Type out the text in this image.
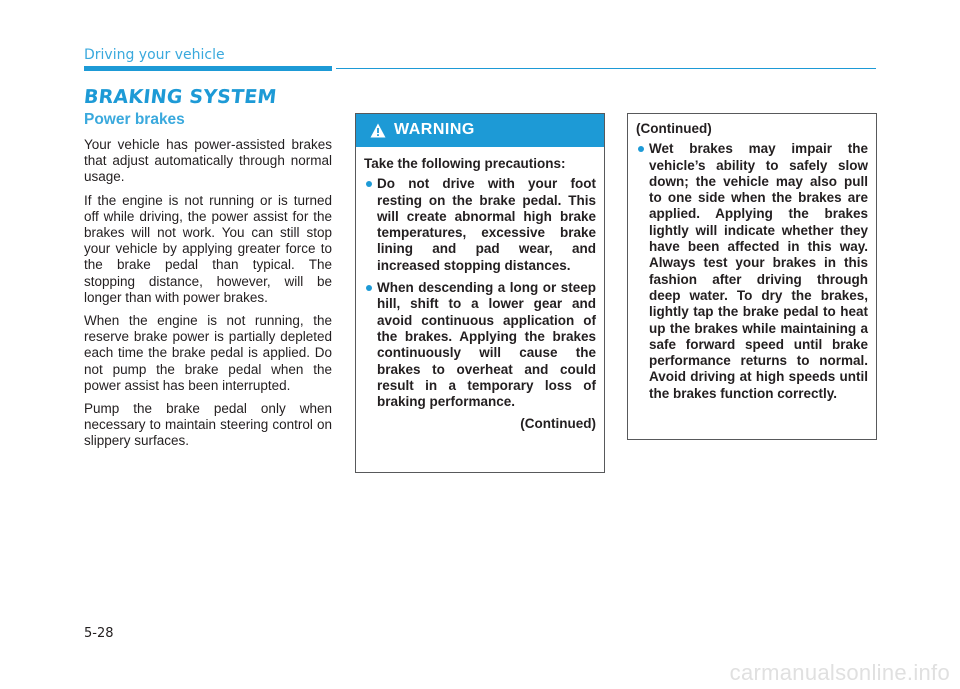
Driving your vehicle
BRAKING SYSTEM
Power brakes

Your vehicle has power-assisted brakes that adjust automatically through normal usage.

If the engine is not running or is turned off while driving, the power assist for the brakes will not work. You can still stop your vehicle by applying greater force to the brake pedal than typical. The stopping distance, however, will be longer than with power brakes.

When the engine is not running, the reserve brake power is partially depleted each time the brake pedal is applied. Do not pump the brake pedal when the power assist has been interrupted.

Pump the brake pedal only when necessary to maintain steering control on slippery surfaces.

WARNING

Take the following precautions:

Do not drive with your foot resting on the brake pedal. This will create abnormal high brake temperatures, excessive brake lining and pad wear, and increased stopping distances.
When descending a long or steep hill, shift to a lower gear and avoid continuous application of the brakes. Applying the brakes continuously will cause the brakes to overheat and could result in a temporary loss of braking performance.
(Continued)

(Continued)

Wet brakes may impair the vehicle’s ability to safely slow down; the vehicle may also pull to one side when the brakes are applied. Applying the brakes lightly will indicate whether they have been affected in this way. Always test your brakes in this fashion after driving through deep water. To dry the brakes, lightly tap the brake pedal to heat up the brakes while maintaining a safe forward speed until brake performance returns to normal. Avoid driving at high speeds until the brakes function correctly.
5-28
carmanualsonline.info
